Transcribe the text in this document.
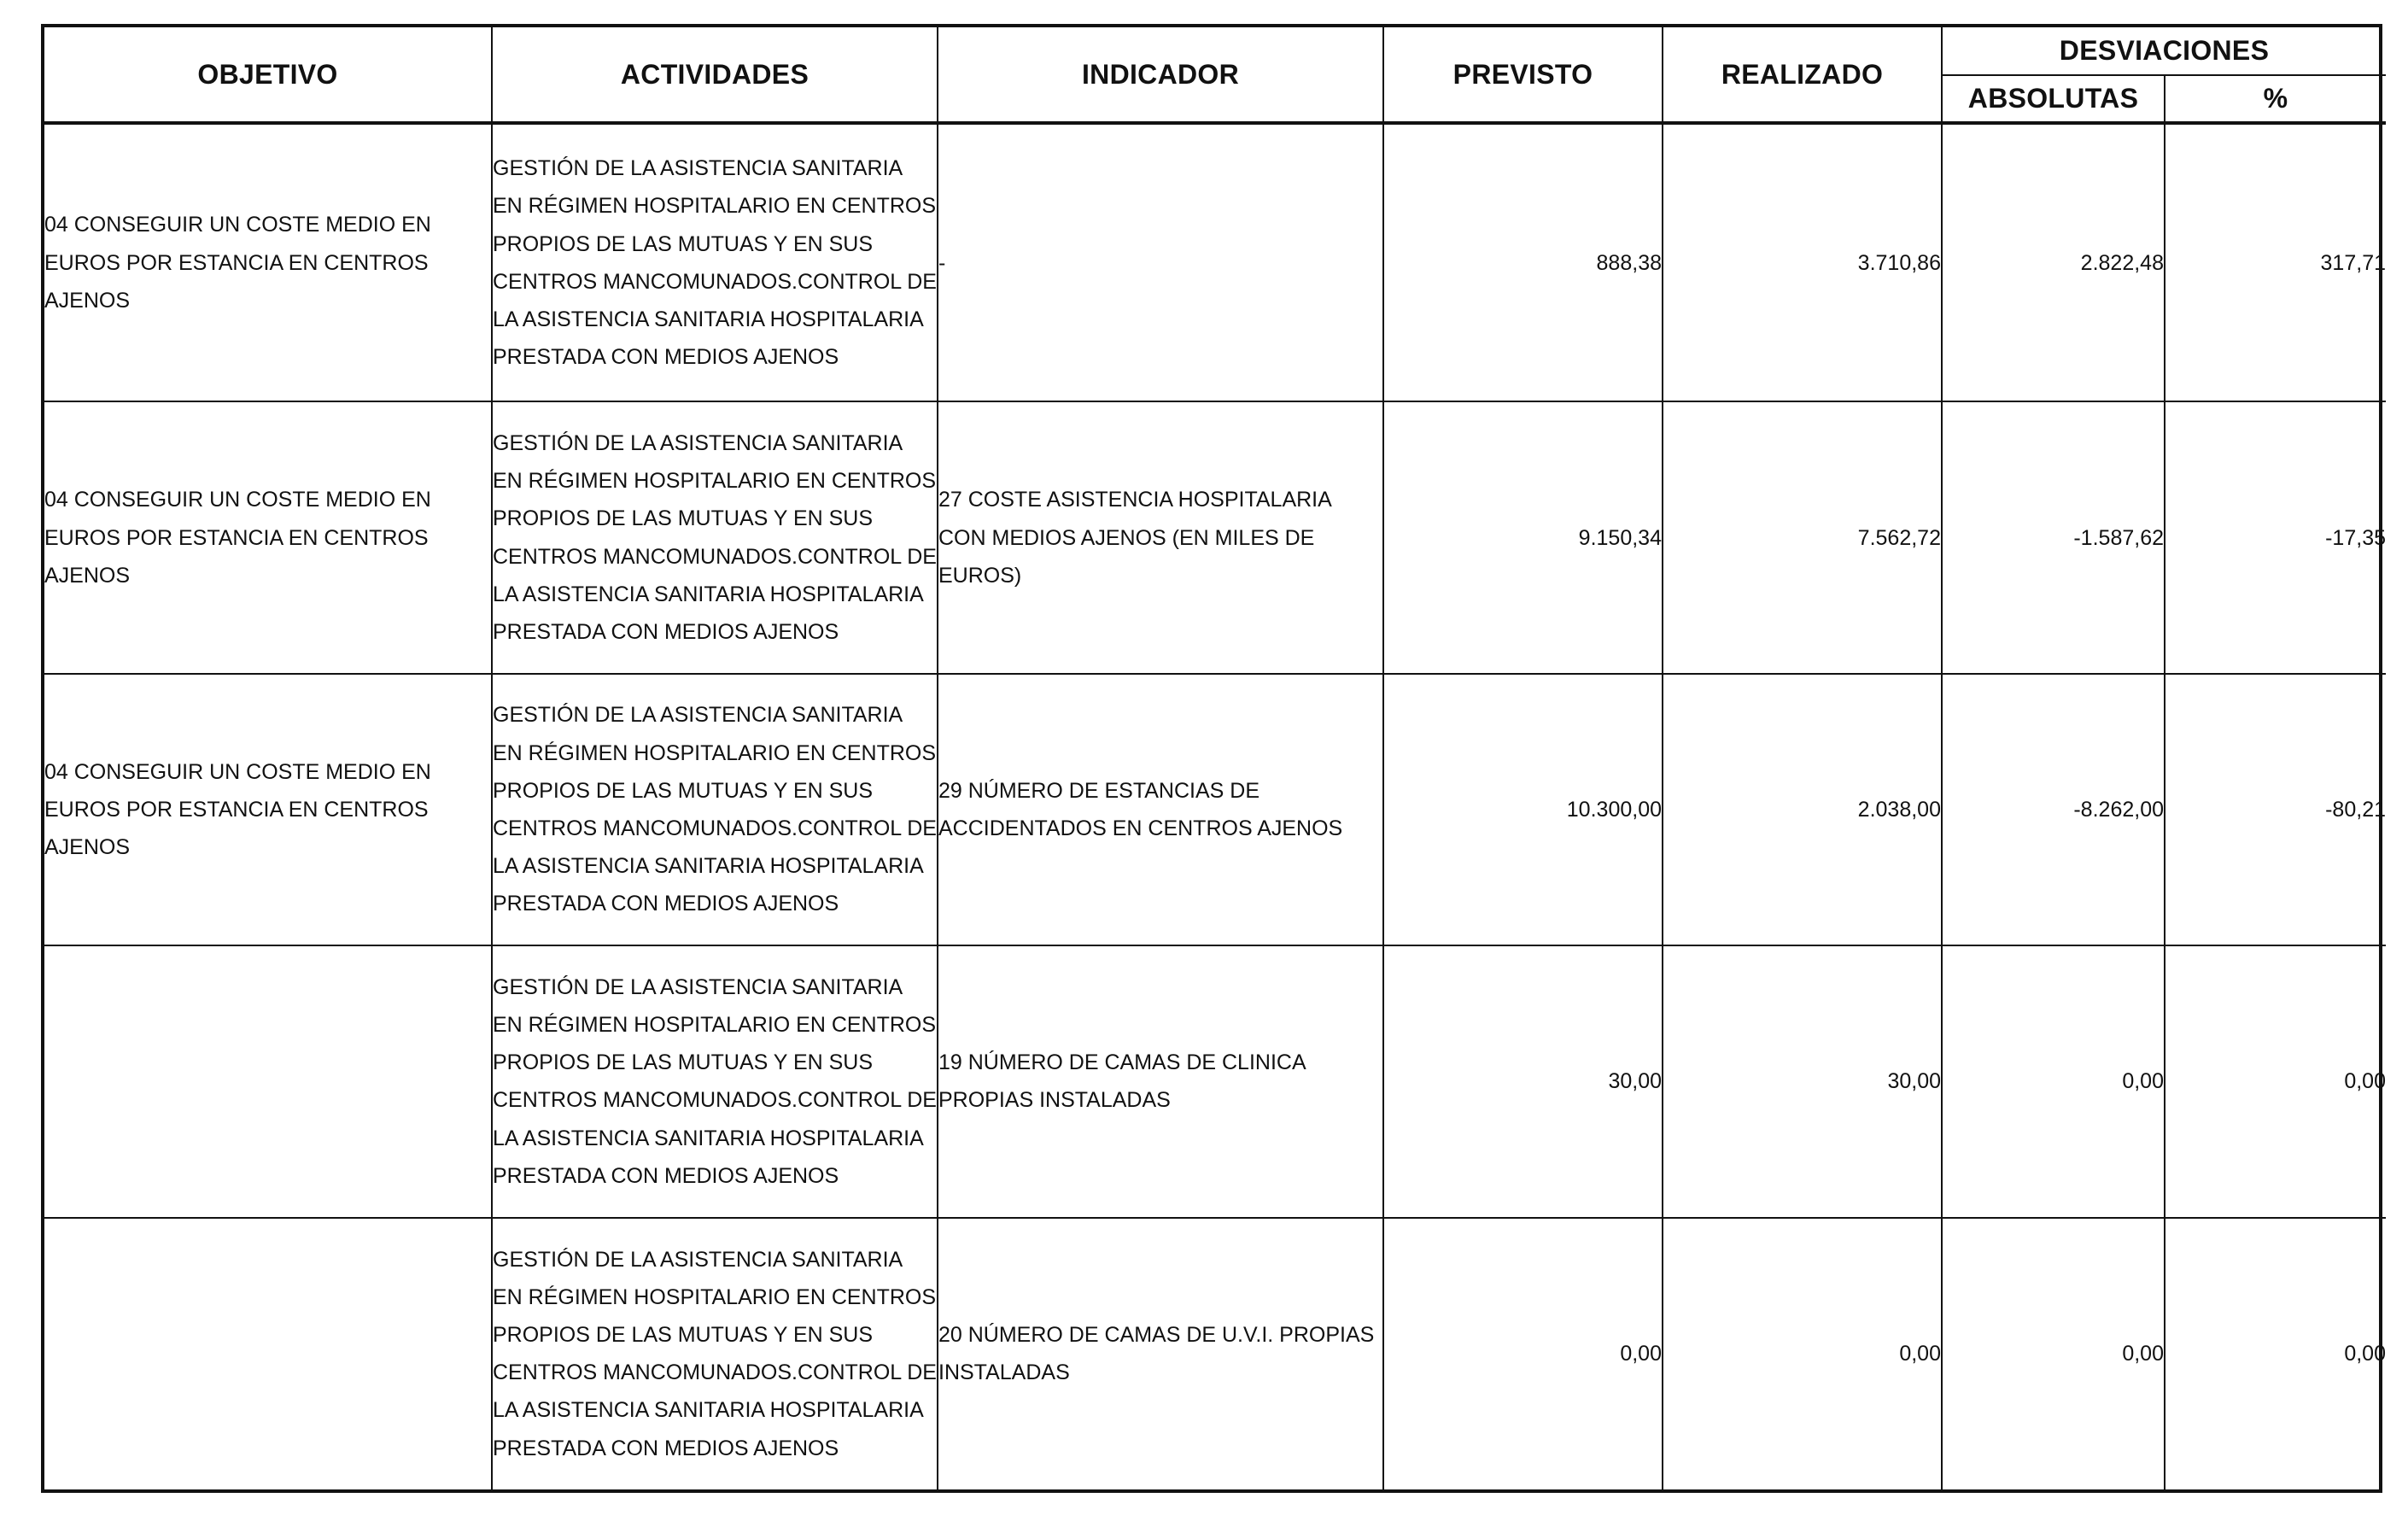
OBJETIVO	ACTIVIDADES	INDICADOR	PREVISTO	REALIZADO	DESVIACIONES	
					ABSOLUTAS	%
04 CONSEGUIR UN COSTE MEDIO EN EUROS POR ESTANCIA EN CENTROS AJENOS	GESTIÓN DE LA ASISTENCIA SANITARIA EN RÉGIMEN HOSPITALARIO EN CENTROS PROPIOS DE LAS MUTUAS Y EN SUS CENTROS MANCOMUNADOS.CONTROL DE LA ASISTENCIA SANITARIA HOSPITALARIA PRESTADA CON MEDIOS AJENOS	-	888,38	3.710,86	2.822,48	317,71
04 CONSEGUIR UN COSTE MEDIO EN EUROS POR ESTANCIA EN CENTROS AJENOS	GESTIÓN DE LA ASISTENCIA SANITARIA EN RÉGIMEN HOSPITALARIO EN CENTROS PROPIOS DE LAS MUTUAS Y EN SUS CENTROS MANCOMUNADOS.CONTROL DE LA ASISTENCIA SANITARIA HOSPITALARIA PRESTADA CON MEDIOS AJENOS	27 COSTE ASISTENCIA HOSPITALARIA CON MEDIOS AJENOS (EN MILES DE EUROS)	9.150,34	7.562,72	-1.587,62	-17,35
04 CONSEGUIR UN COSTE MEDIO EN EUROS POR ESTANCIA EN CENTROS AJENOS	GESTIÓN DE LA ASISTENCIA SANITARIA EN RÉGIMEN HOSPITALARIO EN CENTROS PROPIOS DE LAS MUTUAS Y EN SUS CENTROS MANCOMUNADOS.CONTROL DE LA ASISTENCIA SANITARIA HOSPITALARIA PRESTADA CON MEDIOS AJENOS	29 NÚMERO DE ESTANCIAS DE ACCIDENTADOS EN CENTROS AJENOS	10.300,00	2.038,00	-8.262,00	-80,21
	GESTIÓN DE LA ASISTENCIA SANITARIA EN RÉGIMEN HOSPITALARIO EN CENTROS PROPIOS DE LAS MUTUAS Y EN SUS CENTROS MANCOMUNADOS.CONTROL DE LA ASISTENCIA SANITARIA HOSPITALARIA PRESTADA CON MEDIOS AJENOS	19 NÚMERO DE CAMAS DE CLINICA PROPIAS INSTALADAS	30,00	30,00	0,00	0,00
	GESTIÓN DE LA ASISTENCIA SANITARIA EN RÉGIMEN HOSPITALARIO EN CENTROS PROPIOS DE LAS MUTUAS Y EN SUS CENTROS MANCOMUNADOS.CONTROL DE LA ASISTENCIA SANITARIA HOSPITALARIA PRESTADA CON MEDIOS AJENOS	20 NÚMERO DE CAMAS DE U.V.I. PROPIAS INSTALADAS	0,00	0,00	0,00	0,00
